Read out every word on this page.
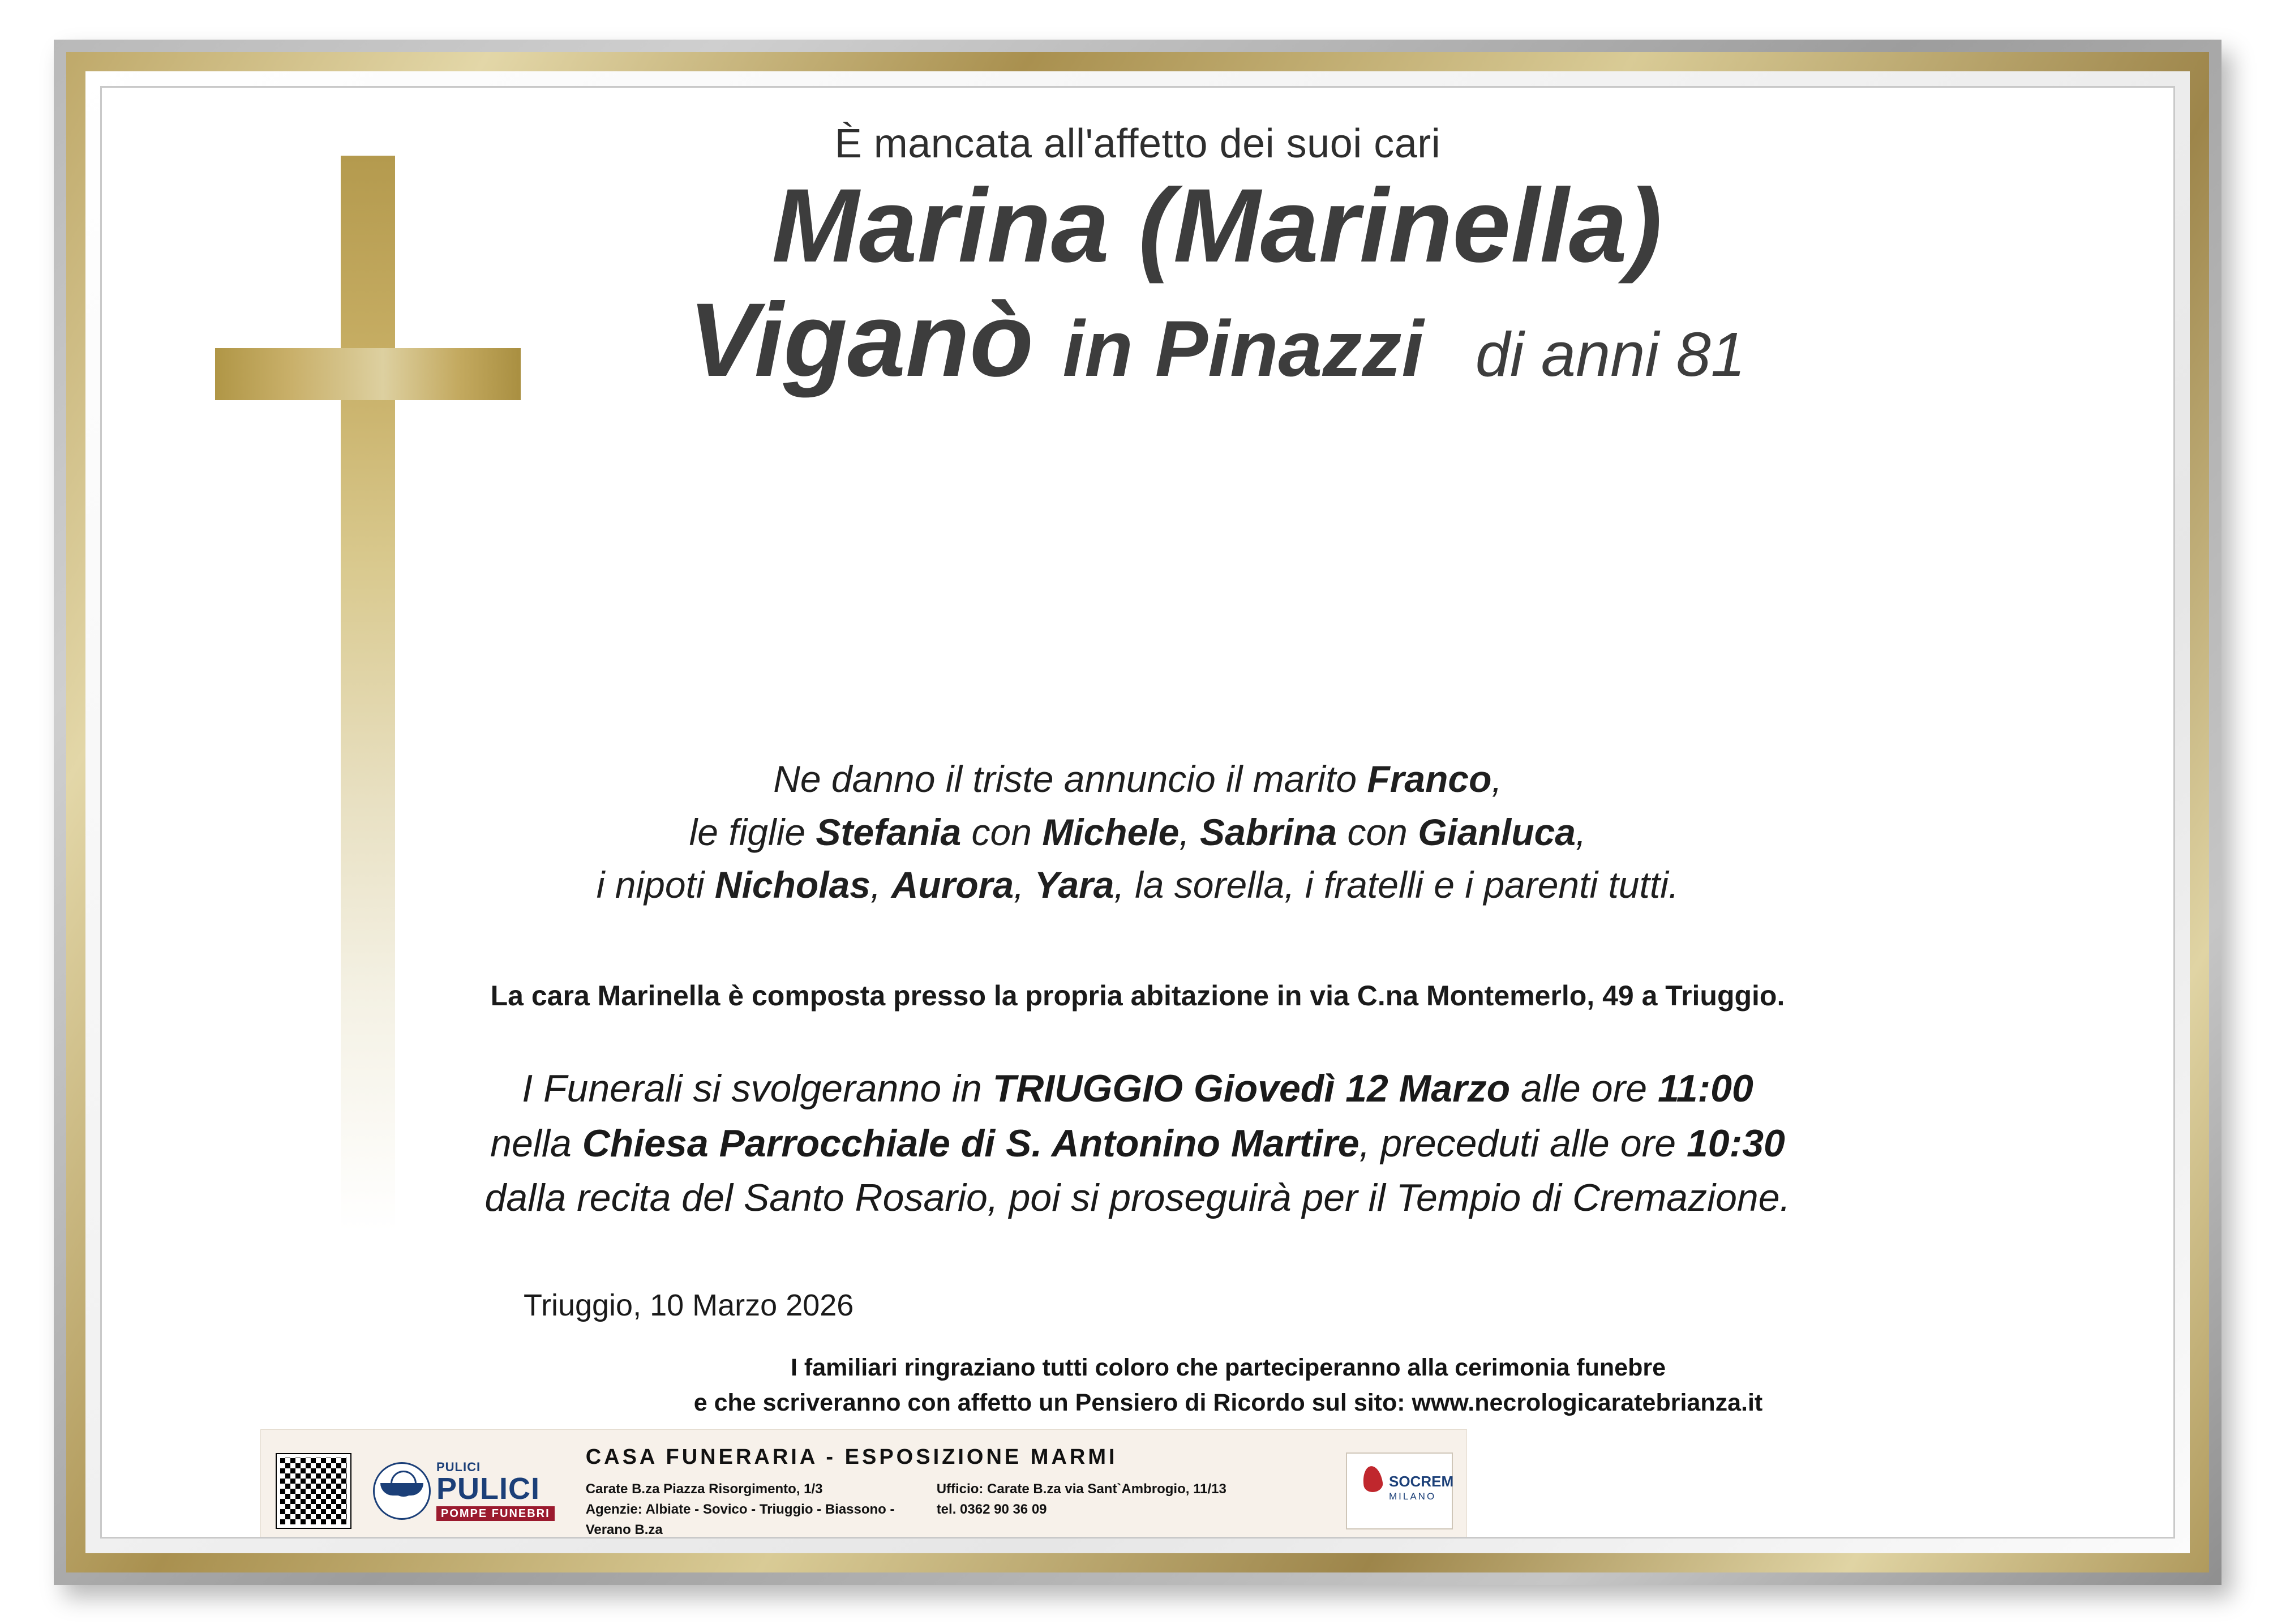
È mancata all'affetto dei suoi cari
Marina (Marinella)
Viganò in Pinazzi di anni 81
Ne danno il triste annuncio il marito Franco,
le figlie Stefania con Michele, Sabrina con Gianluca,
i nipoti Nicholas, Aurora, Yara, la sorella, i fratelli e i parenti tutti.
La cara Marinella è composta presso la propria abitazione in via C.na Montemerlo, 49 a Triuggio.
I Funerali si svolgeranno in TRIUGGIO Giovedì 12 Marzo alle ore 11:00
nella Chiesa Parrocchiale di S. Antonino Martire, preceduti alle ore 10:30
dalla recita del Santo Rosario, poi si proseguirà per il Tempio di Cremazione.
Triuggio, 10 Marzo 2026
I familiari ringraziano tutti coloro che parteciperanno alla cerimonia funebre
e che scriveranno con affetto un Pensiero di Ricordo sul sito: www.necrologicaratebrianza.it
PULICI
PULICI
POMPE FUNEBRI
CASA FUNERARIA - ESPOSIZIONE MARMI
Carate B.za Piazza Risorgimento, 1/3	Ufficio: Carate B.za via Sant`Ambrogio, 11/13
Agenzie: Albiate - Sovico - Triuggio - Biassono - Verano B.za
tel. 0362 90 36 09
SOCREM
MILANO
